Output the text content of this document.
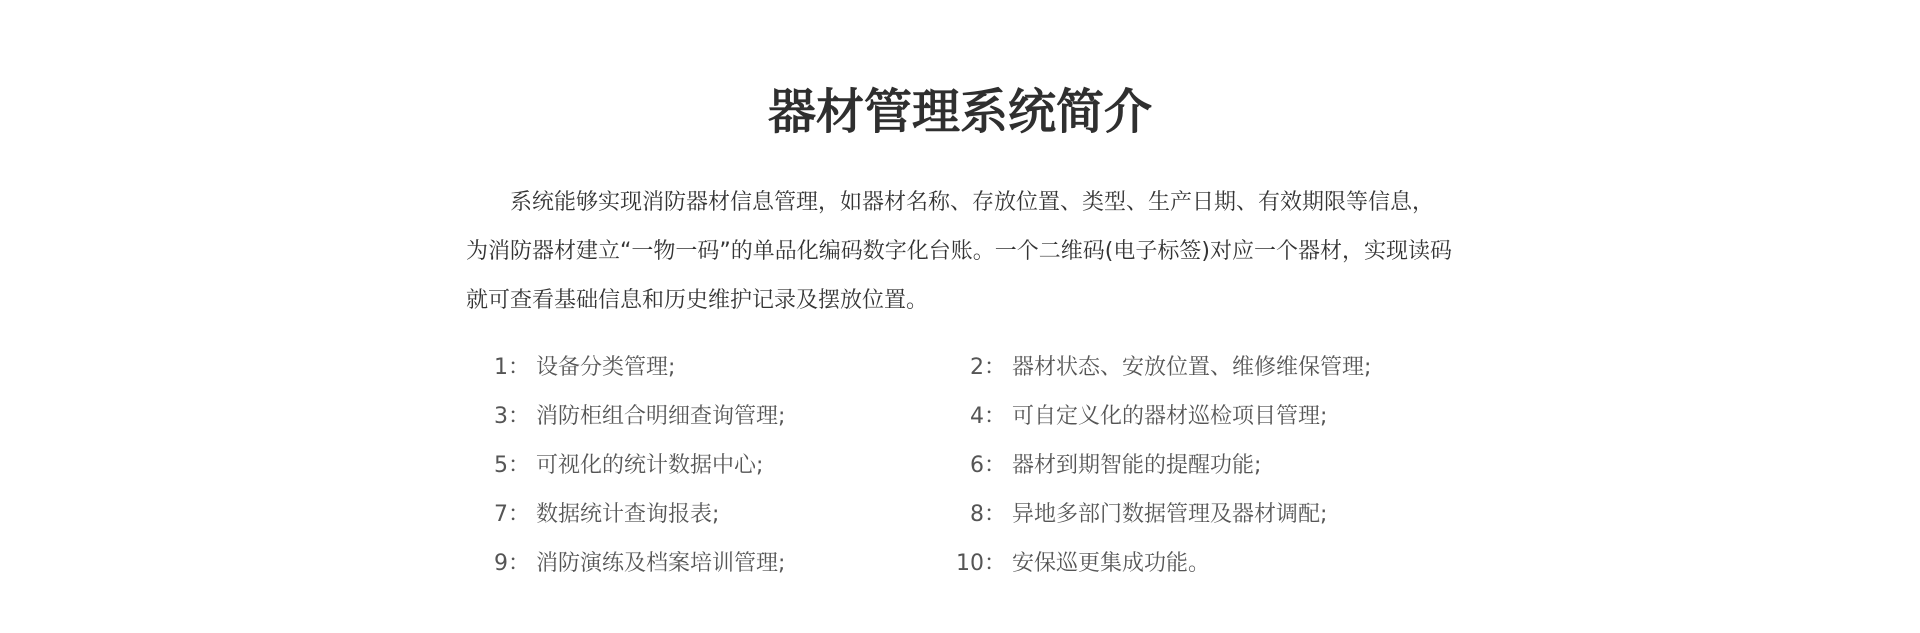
器材管理系统简介

系统能够实现消防器材信息管理，如器材名称、存放位置、类型、生产日期、有效期限等信息，为消防器材建立“一物一码”的单品化编码数字化台账。一个二维码(电子标签)对应一个器材，实现读码就可查看基础信息和历史维护记录及摆放位置。

1： 设备分类管理;	2： 器材状态、安放位置、维修维保管理;
3： 消防柜组合明细查询管理;	4： 可自定义化的器材巡检项目管理;
5： 可视化的统计数据中心;	6： 器材到期智能的提醒功能;
7： 数据统计查询报表;	8： 异地多部门数据管理及器材调配;
9： 消防演练及档案培训管理;	10： 安保巡更集成功能。
